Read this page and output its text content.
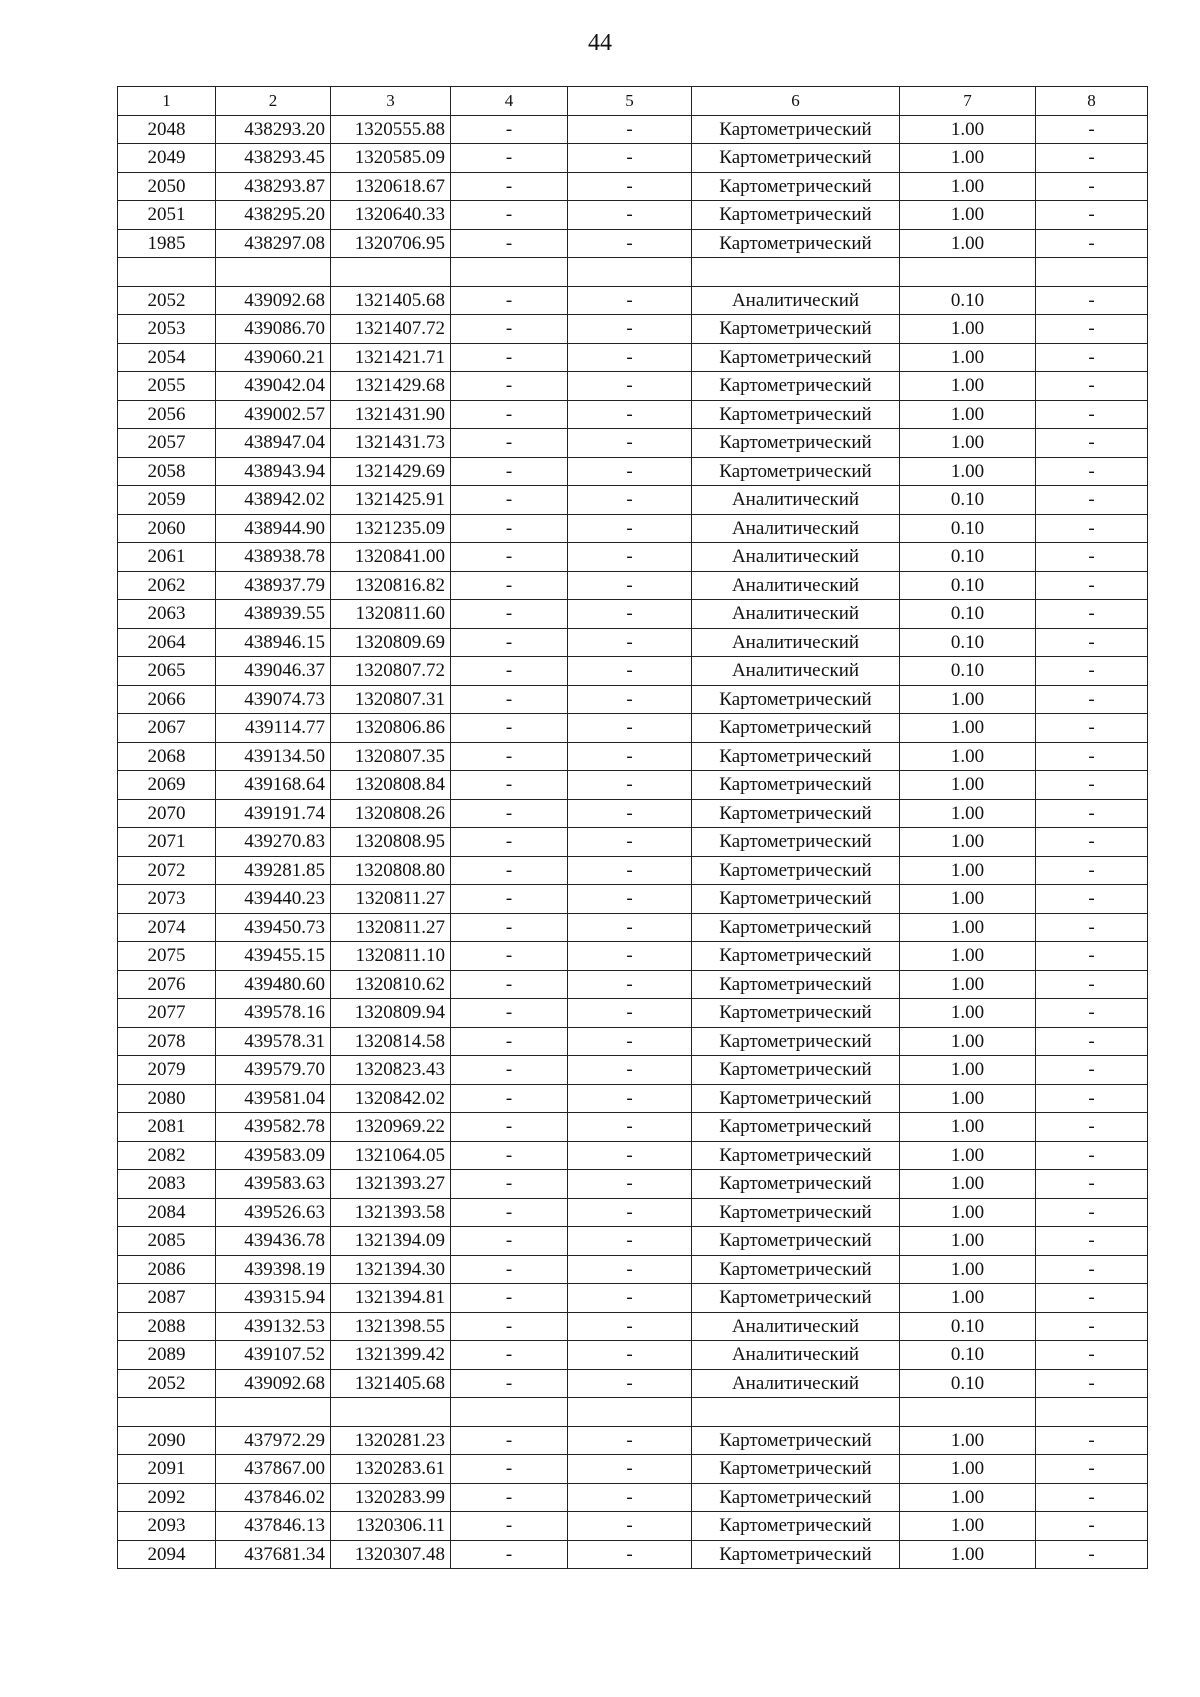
44
1	2	3	4	5	6	7	8
2048	438293.20	1320555.88	-	-	Картометрический	1.00	-
2049	438293.45	1320585.09	-	-	Картометрический	1.00	-
2050	438293.87	1320618.67	-	-	Картометрический	1.00	-
2051	438295.20	1320640.33	-	-	Картометрический	1.00	-
1985	438297.08	1320706.95	-	-	Картометрический	1.00	-

2052	439092.68	1321405.68	-	-	Аналитический	0.10	-
2053	439086.70	1321407.72	-	-	Картометрический	1.00	-
2054	439060.21	1321421.71	-	-	Картометрический	1.00	-
2055	439042.04	1321429.68	-	-	Картометрический	1.00	-
2056	439002.57	1321431.90	-	-	Картометрический	1.00	-
2057	438947.04	1321431.73	-	-	Картометрический	1.00	-
2058	438943.94	1321429.69	-	-	Картометрический	1.00	-
2059	438942.02	1321425.91	-	-	Аналитический	0.10	-
2060	438944.90	1321235.09	-	-	Аналитический	0.10	-
2061	438938.78	1320841.00	-	-	Аналитический	0.10	-
2062	438937.79	1320816.82	-	-	Аналитический	0.10	-
2063	438939.55	1320811.60	-	-	Аналитический	0.10	-
2064	438946.15	1320809.69	-	-	Аналитический	0.10	-
2065	439046.37	1320807.72	-	-	Аналитический	0.10	-
2066	439074.73	1320807.31	-	-	Картометрический	1.00	-
2067	439114.77	1320806.86	-	-	Картометрический	1.00	-
2068	439134.50	1320807.35	-	-	Картометрический	1.00	-
2069	439168.64	1320808.84	-	-	Картометрический	1.00	-
2070	439191.74	1320808.26	-	-	Картометрический	1.00	-
2071	439270.83	1320808.95	-	-	Картометрический	1.00	-
2072	439281.85	1320808.80	-	-	Картометрический	1.00	-
2073	439440.23	1320811.27	-	-	Картометрический	1.00	-
2074	439450.73	1320811.27	-	-	Картометрический	1.00	-
2075	439455.15	1320811.10	-	-	Картометрический	1.00	-
2076	439480.60	1320810.62	-	-	Картометрический	1.00	-
2077	439578.16	1320809.94	-	-	Картометрический	1.00	-
2078	439578.31	1320814.58	-	-	Картометрический	1.00	-
2079	439579.70	1320823.43	-	-	Картометрический	1.00	-
2080	439581.04	1320842.02	-	-	Картометрический	1.00	-
2081	439582.78	1320969.22	-	-	Картометрический	1.00	-
2082	439583.09	1321064.05	-	-	Картометрический	1.00	-
2083	439583.63	1321393.27	-	-	Картометрический	1.00	-
2084	439526.63	1321393.58	-	-	Картометрический	1.00	-
2085	439436.78	1321394.09	-	-	Картометрический	1.00	-
2086	439398.19	1321394.30	-	-	Картометрический	1.00	-
2087	439315.94	1321394.81	-	-	Картометрический	1.00	-
2088	439132.53	1321398.55	-	-	Аналитический	0.10	-
2089	439107.52	1321399.42	-	-	Аналитический	0.10	-
2052	439092.68	1321405.68	-	-	Аналитический	0.10	-

2090	437972.29	1320281.23	-	-	Картометрический	1.00	-
2091	437867.00	1320283.61	-	-	Картометрический	1.00	-
2092	437846.02	1320283.99	-	-	Картометрический	1.00	-
2093	437846.13	1320306.11	-	-	Картометрический	1.00	-
2094	437681.34	1320307.48	-	-	Картометрический	1.00	-
